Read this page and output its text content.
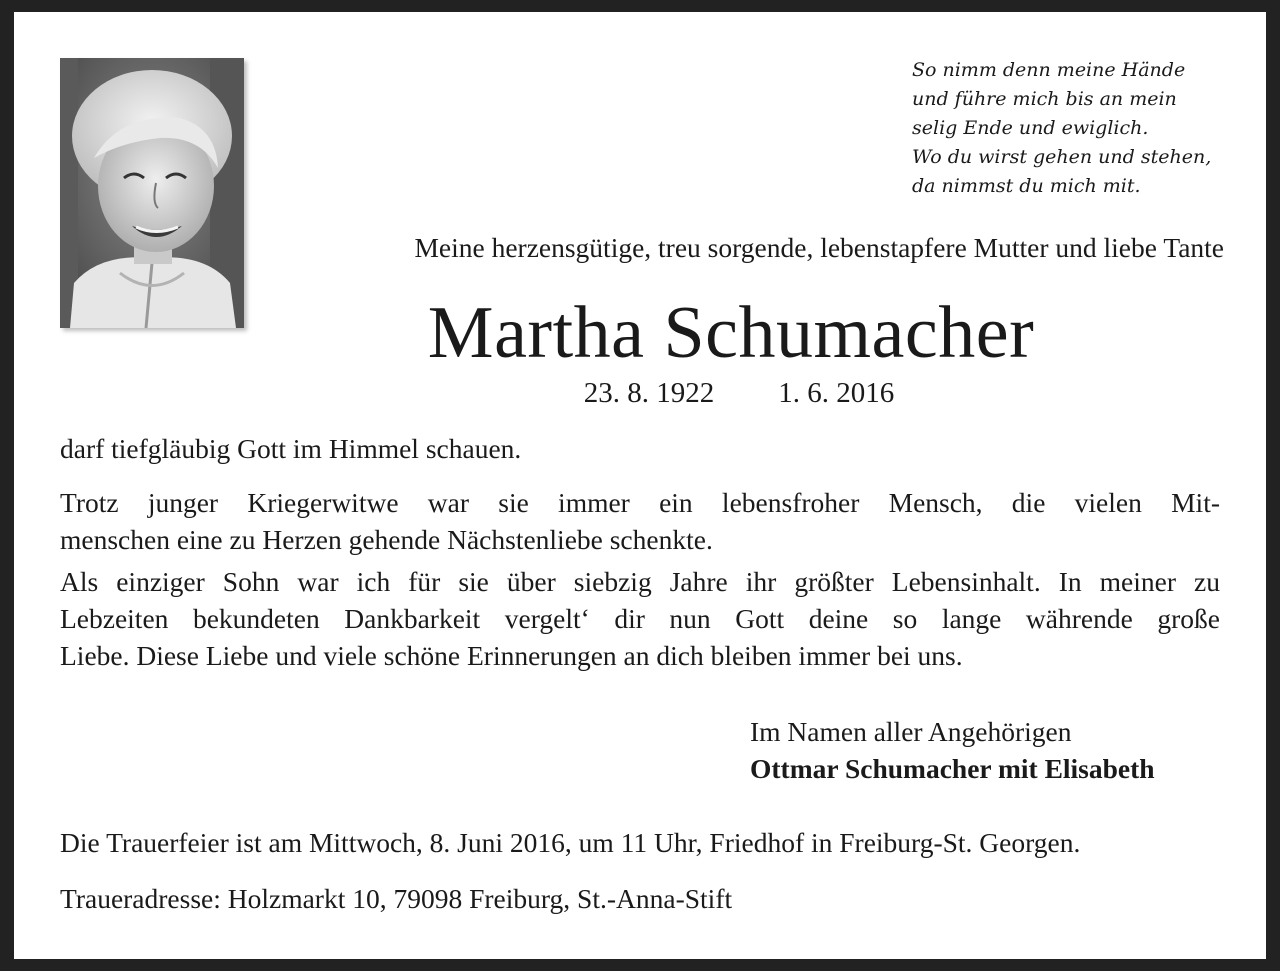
So nimm denn meine Hände
und führe mich bis an mein
selig Ende und ewiglich.
Wo du wirst gehen und stehen,
da nimmst du mich mit.
Meine herzensgütige, treu sorgende, lebenstapfere Mutter und liebe Tante
Martha Schumacher
23. 8. 1922 1. 6. 2016
darf tiefgläubig Gott im Himmel schauen.
Trotz junger Kriegerwitwe war sie immer ein lebensfroher Mensch, die vielen Mit-
menschen eine zu Herzen gehende Nächstenliebe schenkte.
Als einziger Sohn war ich für sie über siebzig Jahre ihr größter Lebensinhalt. In meiner zu
Lebzeiten bekundeten Dankbarkeit vergelt‘ dir nun Gott deine so lange währende große
Liebe. Diese Liebe und viele schöne Erinnerungen an dich bleiben immer bei uns.
Im Namen aller Angehörigen
Ottmar Schumacher mit Elisabeth
Die Trauerfeier ist am Mittwoch, 8. Juni 2016, um 11 Uhr, Friedhof in Freiburg-St. Georgen.
Traueradresse: Holzmarkt 10, 79098 Freiburg, St.-Anna-Stift
